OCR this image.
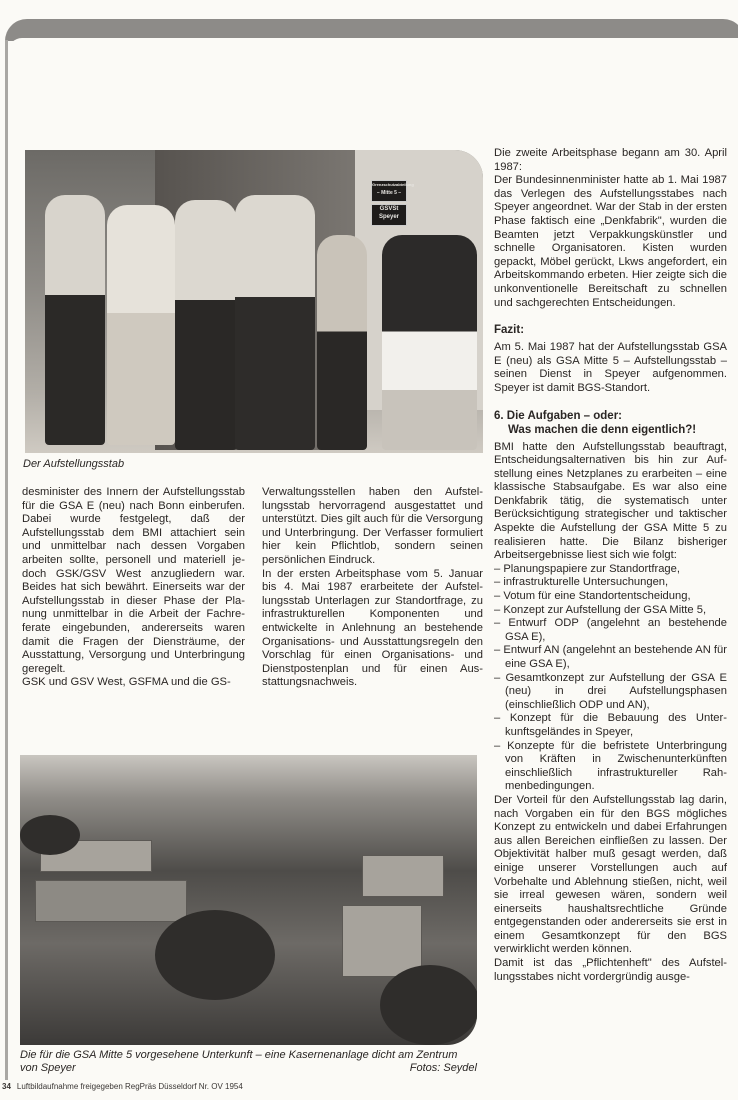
Grenzschutzabteilung
– Mitte 5 –
GSVSt
Speyer
Der Aufstellungsstab

desminister des Innern der Aufstellungsstab für die GSA E (neu) nach Bonn einberufen. Dabei wurde festgelegt, daß der Aufstellungsstab dem BMI attachiert sein und unmittelbar nach dessen Vorgaben arbeiten sollte, personell und materiell jedoch GSK/GSV West anzugliedern war. Beides hat sich bewährt. Einerseits war der Aufstellungsstab in dieser Phase der Planung unmittelbar in die Arbeit der Fachreferate eingebunden, andererseits waren damit die Fragen der Diensträume, der Ausstattung, Versorgung und Unterbringung geregelt.

GSK und GSV West, GSFMA und die GS-

Verwaltungsstellen haben den Aufstellungsstab hervorragend ausgestattet und unterstützt. Dies gilt auch für die Versorgung und Unterbringung. Der Verfasser formuliert hier kein Pflichtlob, sondern seinen persönlichen Eindruck.

In der ersten Arbeitsphase vom 5. Januar bis 4. Mai 1987 erarbeitete der Aufstellungsstab Unterlagen zur Standortfrage, zu infrastrukturellen Komponenten und entwickelte in Anlehnung an bestehende Organisations- und Ausstattungsregeln den Vorschlag für einen Organisations- und Dienstpostenplan und für einen Ausstattungsnachweis.

Die zweite Arbeitsphase begann am 30. April 1987:

Der Bundesinnenminister hatte ab 1. Mai 1987 das Verlegen des Aufstellungsstabes nach Speyer angeordnet. War der Stab in der ersten Phase faktisch eine „Denkfabrik", wurden die Beamten jetzt Verpakkungskünstler und schnelle Organisatoren. Kisten wurden gepackt, Möbel gerückt, Lkws angefordert, ein Arbeitskommando erbeten. Hier zeigte sich die unkonventionelle Bereitschaft zu schnellen und sachgerechten Entscheidungen.

Fazit:

Am 5. Mai 1987 hat der Aufstellungsstab GSA E (neu) als GSA Mitte 5 – Aufstellungsstab – seinen Dienst in Speyer aufgenommen. Speyer ist damit BGS-Standort.

6. Die Aufgaben – oder:
Was machen die denn eigentlich?!

BMI hatte den Aufstellungsstab beauftragt, Entscheidungsalternativen bis hin zur Aufstellung eines Netzplanes zu erarbeiten – eine klassische Stabsaufgabe. Es war also eine Denkfabrik tätig, die systematisch unter Berücksichtigung strategischer und taktischer Aspekte die Aufstellung der GSA Mitte 5 zu realisieren hatte. Die Bilanz bisheriger Arbeitsergebnisse liest sich wie folgt:

– Planungspapiere zur Standortfrage,
– infrastrukturelle Untersuchungen,
– Votum für eine Standortentscheidung,
– Konzept zur Aufstellung der GSA Mitte 5,
– Entwurf ODP (angelehnt an bestehende GSA E),
– Entwurf AN (angelehnt an bestehende AN für eine GSA E),
– Gesamtkonzept zur Aufstellung der GSA E (neu) in drei Aufstellungsphasen (einschließlich ODP und AN),
– Konzept für die Bebauung des Unterkunftsgeländes in Speyer,
– Konzepte für die befristete Unterbringung von Kräften in Zwischenunterkünften einschließlich infrastruktureller Rahmenbedingungen.

Der Vorteil für den Aufstellungsstab lag darin, nach Vorgaben ein für den BGS mögliches Konzept zu entwickeln und dabei Erfahrungen aus allen Bereichen einfließen zu lassen. Der Objektivität halber muß gesagt werden, daß einige unserer Vorstellungen auch auf Vorbehalte und Ablehnung stießen, nicht, weil sie irreal gewesen wären, sondern weil einerseits haushaltsrechtliche Gründe entgegenstanden oder andererseits sie erst in einem Gesamtkonzept für den BGS verwirklicht werden können.

Damit ist das „Pflichtenheft" des Aufstellungsstabes nicht vordergründig ausge-

Die für die GSA Mitte 5 vorgesehene Unterkunft – eine Kasernenanlage dicht am Zentrum von Speyer	Fotos: Seydel
34 Luftbildaufnahme freigegeben RegPräs Düsseldorf Nr. OV 1954
